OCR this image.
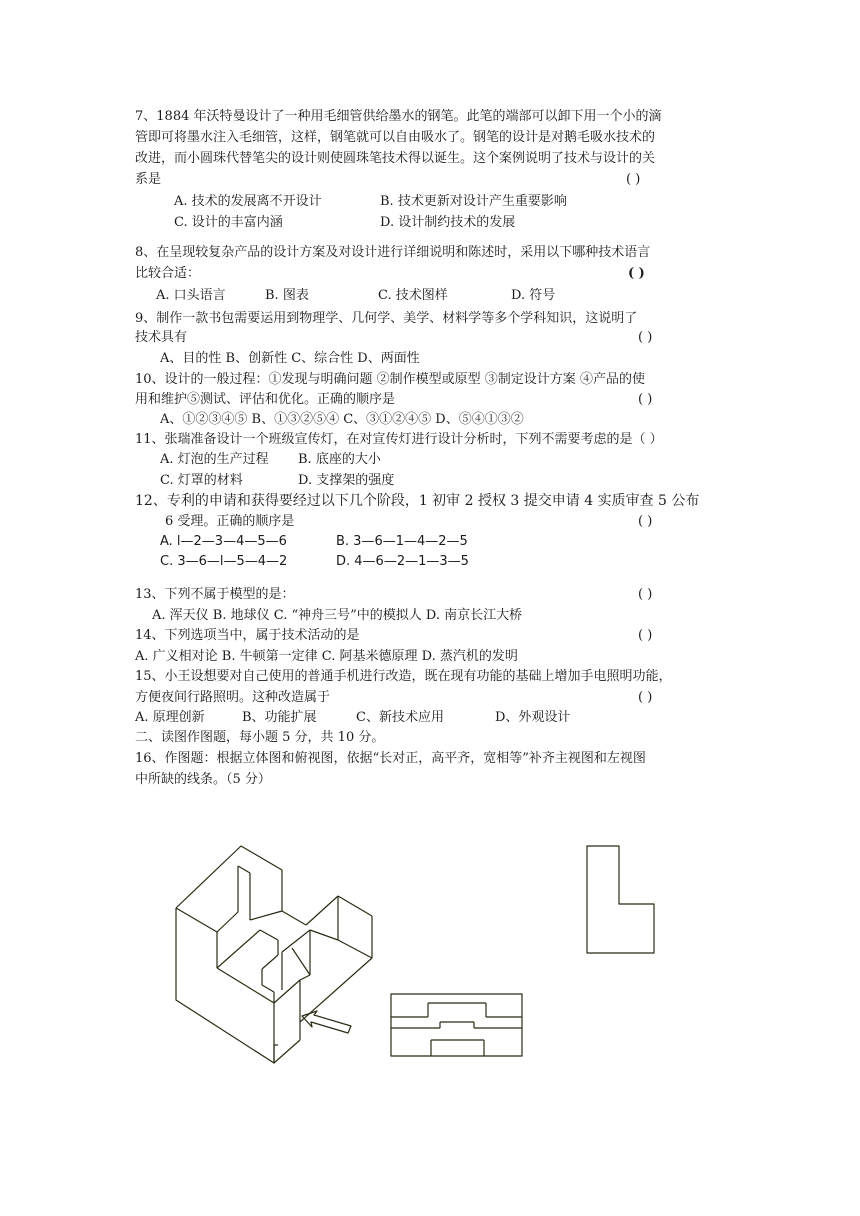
7、1884 年沃特曼设计了一种用毛细管供给墨水的钢笔。此笔的端部可以卸下用一个小的滴
管即可将墨水注入毛细管，这样，钢笔就可以自由吸水了。钢笔的设计是对鹅毛吸水技术的
改进，而小圆珠代替笔尖的设计则使圆珠笔技术得以诞生。这个案例说明了技术与设计的关
系是	( )
A. 技术的发展离不开设计	B. 技术更新对设计产生重要影响
C. 设计的丰富内涵	D. 设计制约技术的发展
8、在呈现较复杂产品的设计方案及对设计进行详细说明和陈述时，采用以下哪种技术语言
比较合适：	( )
A. 口头语言	B. 图表	C. 技术图样	D. 符号
9、制作一款书包需要运用到物理学、几何学、美学、材料学等多个学科知识，这说明了
技术具有	( )
A、目的性 B、创新性 C、综合性 D、两面性
10、设计的一般过程：①发现与明确问题 ②制作模型或原型 ③制定设计方案 ④产品的使
用和维护⑤测试、评估和优化。正确的顺序是	( )
A、①②③④⑤ B、①③②⑤④ C、③①②④⑤ D、⑤④①③②
11、张瑞准备设计一个班级宣传灯，在对宣传灯进行设计分析时，下列不需要考虑的是（ ）
A. 灯泡的生产过程 B. 底座的大小
C. 灯罩的材料	D. 支撑架的强度
12、专利的申请和获得要经过以下几个阶段，1 初审 2 授权 3 提交申请 4 实质审查 5 公布
6 受理。正确的顺序是	( )
A. l—2—3—4—5—6	B. 3—6—1—4—2—5
C. 3—6—l—5—4—2	D. 4—6—2—1—3—5
13、下列不属于模型的是：	( )
A. 浑天仪 B. 地球仪 C. “神舟三号”中的模拟人 D. 南京长江大桥
14、下列选项当中，属于技术活动的是	( )
A. 广义相对论 B. 牛顿第一定律 C. 阿基米德原理 D. 蒸汽机的发明
15、小王设想要对自己使用的普通手机进行改造，既在现有功能的基础上增加手电照明功能，
方便夜间行路照明。这种改造属于	( )
A. 原理创新	B、功能扩展	C、新技术应用	D、外观设计
二、读图作图题，每小题 5 分，共 10 分。
16、作图题：根据立体图和俯视图，依据“长对正，高平齐，宽相等”补齐主视图和左视图
中所缺的线条。（5 分）
